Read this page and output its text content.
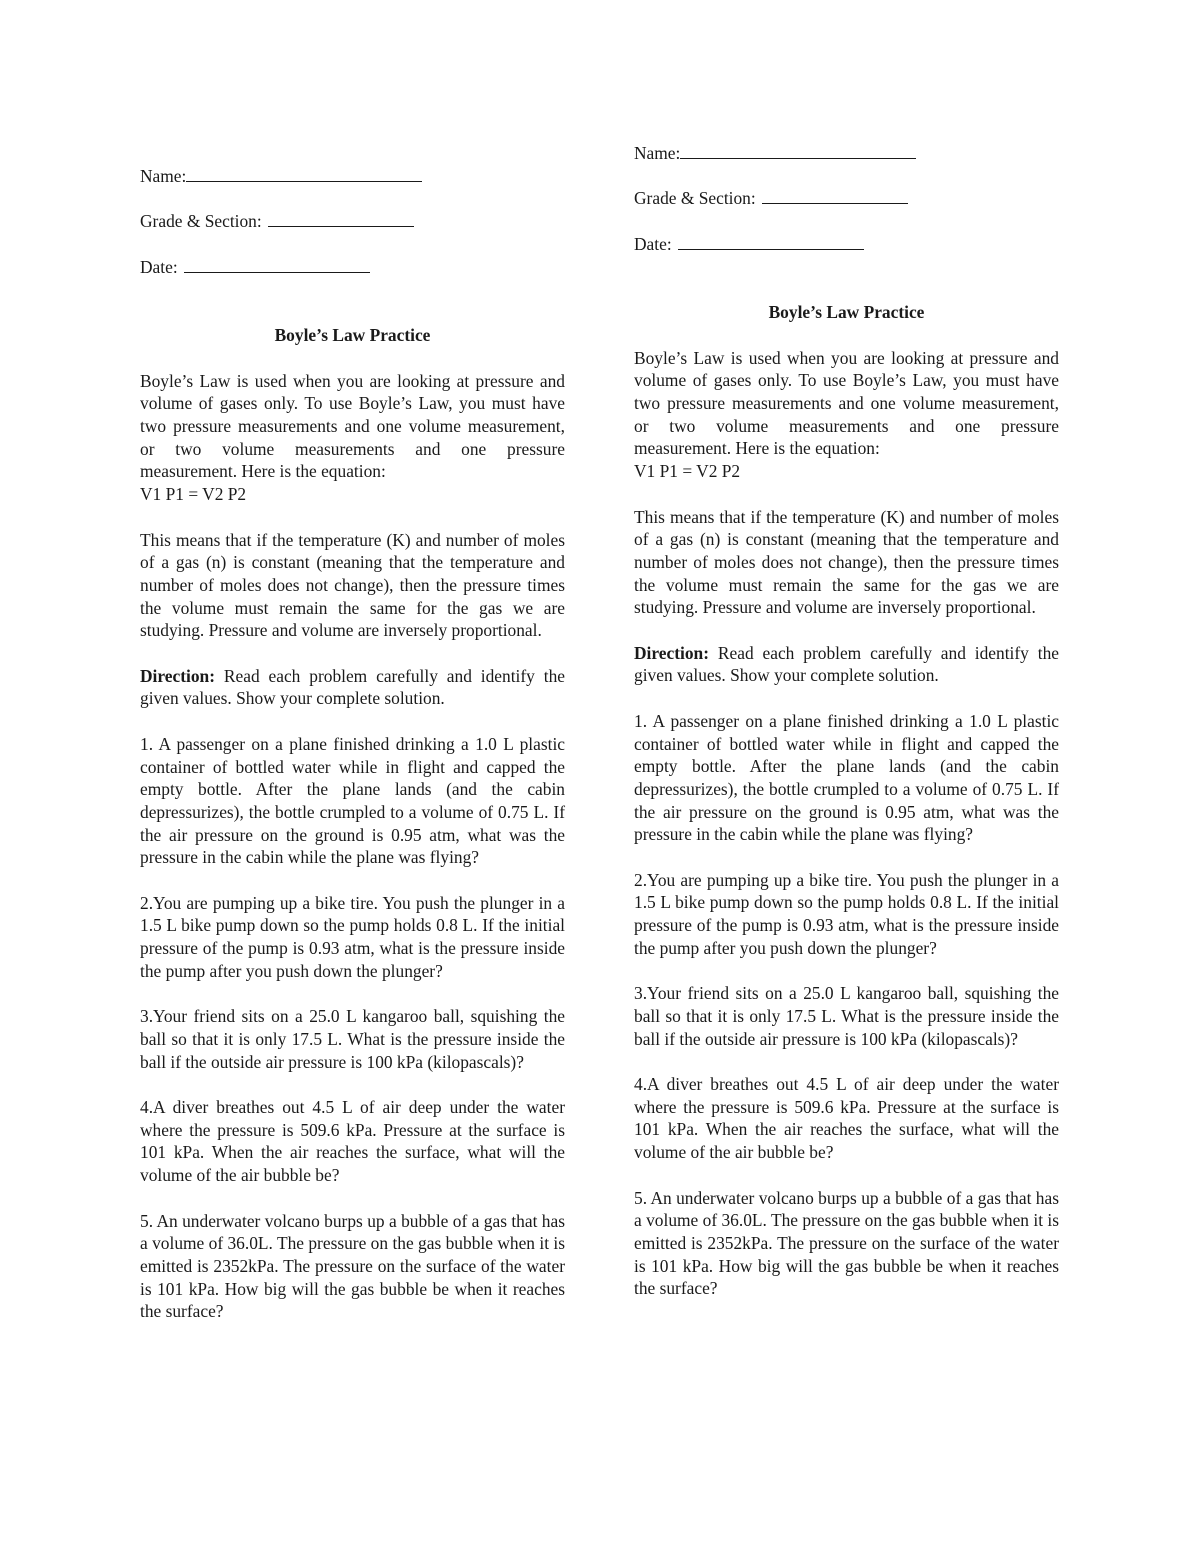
Name:
Grade & Section:
Date:
Boyle’s Law Practice

Boyle’s Law is used when you are looking at pressure and volume of gases only. To use Boyle’s Law, you must have two pressure measurements and one volume measurement, or two volume measurements and one pressure measurement. Here is the equation:
V1 P1 = V2 P2

This means that if the temperature (K) and number of moles of a gas (n) is constant (meaning that the temperature and number of moles does not change), then the pressure times the volume must remain the same for the gas we are studying. Pressure and volume are inversely proportional.

Direction: Read each problem carefully and identify the given values. Show your complete solution.

1. A passenger on a plane finished drinking a 1.0 L plastic container of bottled water while in flight and capped the empty bottle. After the plane lands (and the cabin depressurizes), the bottle crumpled to a volume of 0.75 L. If the air pressure on the ground is 0.95 atm, what was the pressure in the cabin while the plane was flying?

2.You are pumping up a bike tire. You push the plunger in a 1.5 L bike pump down so the pump holds 0.8 L. If the initial pressure of the pump is 0.93 atm, what is the pressure inside the pump after you push down the plunger?

3.Your friend sits on a 25.0 L kangaroo ball, squishing the ball so that it is only 17.5 L. What is the pressure inside the ball if the outside air pressure is 100 kPa (kilopascals)?

4.A diver breathes out 4.5 L of air deep under the water where the pressure is 509.6 kPa. Pressure at the surface is 101 kPa. When the air reaches the surface, what will the volume of the air bubble be?

5. An underwater volcano burps up a bubble of a gas that has a volume of 36.0L. The pressure on the gas bubble when it is emitted is 2352kPa. The pressure on the surface of the water is 101 kPa. How big will the gas bubble be when it reaches the surface?

Name:
Grade & Section:
Date:
Boyle’s Law Practice

Boyle’s Law is used when you are looking at pressure and volume of gases only. To use Boyle’s Law, you must have two pressure measurements and one volume measurement, or two volume measurements and one pressure measurement. Here is the equation:
V1 P1 = V2 P2

This means that if the temperature (K) and number of moles of a gas (n) is constant (meaning that the temperature and number of moles does not change), then the pressure times the volume must remain the same for the gas we are studying. Pressure and volume are inversely proportional.

Direction: Read each problem carefully and identify the given values. Show your complete solution.

1. A passenger on a plane finished drinking a 1.0 L plastic container of bottled water while in flight and capped the empty bottle. After the plane lands (and the cabin depressurizes), the bottle crumpled to a volume of 0.75 L. If the air pressure on the ground is 0.95 atm, what was the pressure in the cabin while the plane was flying?

2.You are pumping up a bike tire. You push the plunger in a 1.5 L bike pump down so the pump holds 0.8 L. If the initial pressure of the pump is 0.93 atm, what is the pressure inside the pump after you push down the plunger?

3.Your friend sits on a 25.0 L kangaroo ball, squishing the ball so that it is only 17.5 L. What is the pressure inside the ball if the outside air pressure is 100 kPa (kilopascals)?

4.A diver breathes out 4.5 L of air deep under the water where the pressure is 509.6 kPa. Pressure at the surface is 101 kPa. When the air reaches the surface, what will the volume of the air bubble be?

5. An underwater volcano burps up a bubble of a gas that has a volume of 36.0L. The pressure on the gas bubble when it is emitted is 2352kPa. The pressure on the surface of the water is 101 kPa. How big will the gas bubble be when it reaches the surface?
